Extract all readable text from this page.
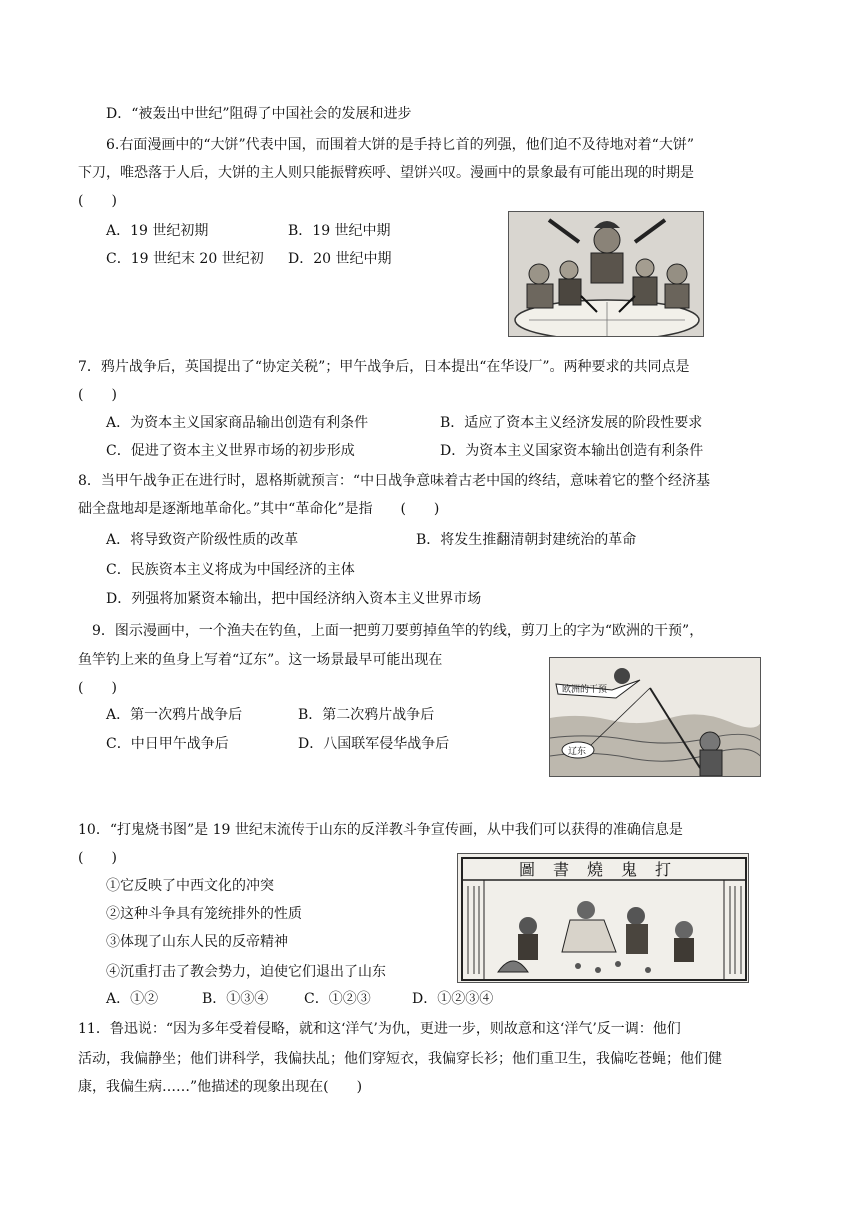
D．“被轰出中世纪”阻碍了中国社会的发展和进步
6.右面漫画中的“大饼”代表中国，而围着大饼的是手持匕首的列强，他们迫不及待地对着“大饼”
下刀，唯恐落于人后，大饼的主人则只能振臂疾呼、望饼兴叹。漫画中的景象最有可能出现的时期是
(　　)
A．19 世纪初期	B．19 世纪中期
C．19 世纪末 20 世纪初 D．20 世纪中期
7．鸦片战争后，英国提出了“协定关税”；甲午战争后，日本提出“在华设厂”。两种要求的共同点是
(　　)
A．为资本主义国家商品输出创造有利条件	B．适应了资本主义经济发展的阶段性要求
C．促进了资本主义世界市场的初步形成	D．为资本主义国家资本输出创造有利条件
8．当甲午战争正在进行时，恩格斯就预言：“中日战争意味着古老中国的终结，意味着它的整个经济基
础全盘地却是逐渐地革命化。”其中“革命化”是指　　(　　)
A．将导致资产阶级性质的改革	B．将发生推翻清朝封建统治的革命
C．民族资本主义将成为中国经济的主体
D．列强将加紧资本输出，把中国经济纳入资本主义世界市场
9．图示漫画中，一个渔夫在钓鱼，上面一把剪刀要剪掉鱼竿的钓线，剪刀上的字为“欧洲的干预”，
鱼竿钓上来的鱼身上写着“辽东”。这一场景最早可能出现在
(　　)
A．第一次鸦片战争后	B．第二次鸦片战争后
C．中日甲午战争后	D．八国联军侵华战争后
欧洲的干预
辽东
10．“打鬼烧书图”是 19 世纪末流传于山东的反洋教斗争宣传画，从中我们可以获得的准确信息是
(　　)
①它反映了中西文化的冲突
②这种斗争具有笼统排外的性质
③体现了山东人民的反帝精神
④沉重打击了教会势力，迫使它们退出了山东
A．①②	B．①③④	C．①②③	D．①②③④
圖書燒鬼打
11．鲁迅说：“因为多年受着侵略，就和这‘洋气’为仇，更进一步，则故意和这‘洋气’反一调：他们
活动，我偏静坐；他们讲科学，我偏扶乩；他们穿短衣，我偏穿长衫；他们重卫生，我偏吃苍蝇；他们健
康，我偏生病……”他描述的现象出现在(　　)
